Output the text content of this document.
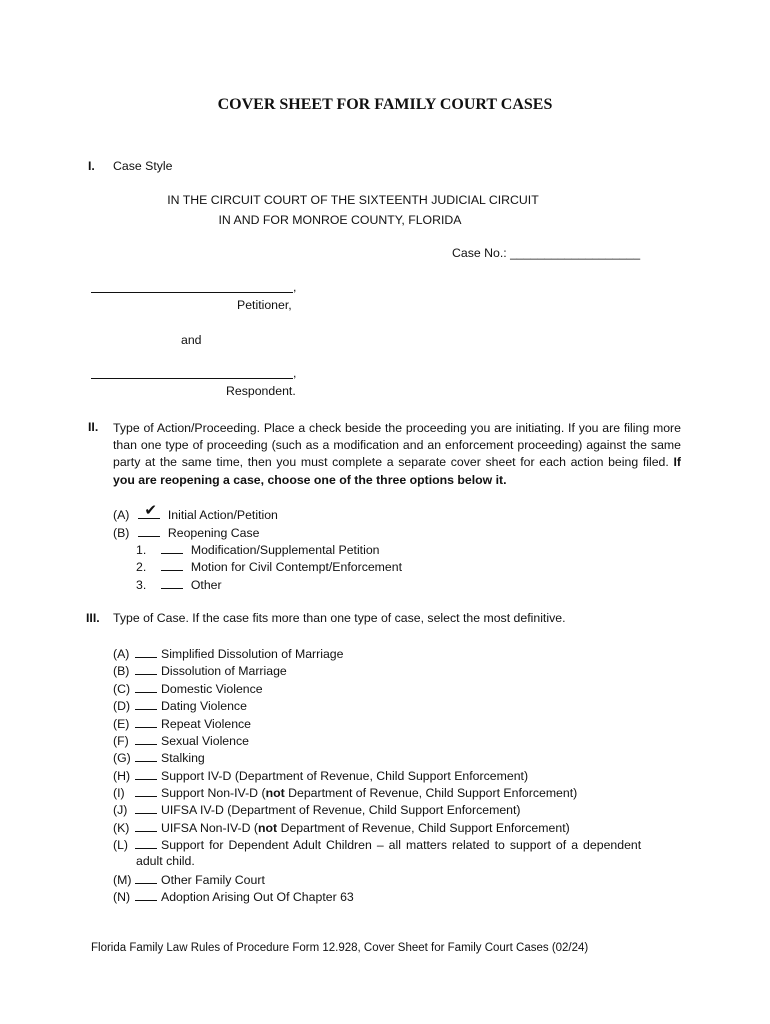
COVER SHEET FOR FAMILY COURT CASES
I. Case Style
IN THE CIRCUIT COURT OF THE SIXTEENTH JUDICIAL CIRCUIT
IN AND FOR MONROE COUNTY, FLORIDA
Case No.: ___________________
,
Petitioner,
and
,
Respondent.
II. Type of Action/Proceeding. Place a check beside the proceeding you are initiating. If you are filing more than one type of proceeding (such as a modification and an enforcement proceeding) against the same party at the same time, then you must complete a separate cover sheet for each action being filed. If you are reopening a case, choose one of the three options below it.
(A) ✔ Initial Action/Petition
(B)	Reopening Case
1.	Modification/Supplemental Petition
2.	Motion for Civil Contempt/Enforcement
3.	Other
III. Type of Case. If the case fits more than one type of case, select the most definitive.
(A)	Simplified Dissolution of Marriage
(B)	Dissolution of Marriage
(C)	Domestic Violence
(D)	Dating Violence
(E)	Repeat Violence
(F)	Sexual Violence
(G) Stalking
(H)	Support IV-D (Department of Revenue, Child Support Enforcement)
(I)	Support Non-IV-D (not Department of Revenue, Child Support Enforcement)
(J)	UIFSA IV-D (Department of Revenue, Child Support Enforcement)
(K)	UIFSA Non-IV-D (not Department of Revenue, Child Support Enforcement)
(L)	Support for Dependent Adult Children – all matters related to support of a dependent
adult child.
(M) Other Family Court
(N)	Adoption Arising Out Of Chapter 63
Florida Family Law Rules of Procedure Form 12.928, Cover Sheet for Family Court Cases (02/24)
